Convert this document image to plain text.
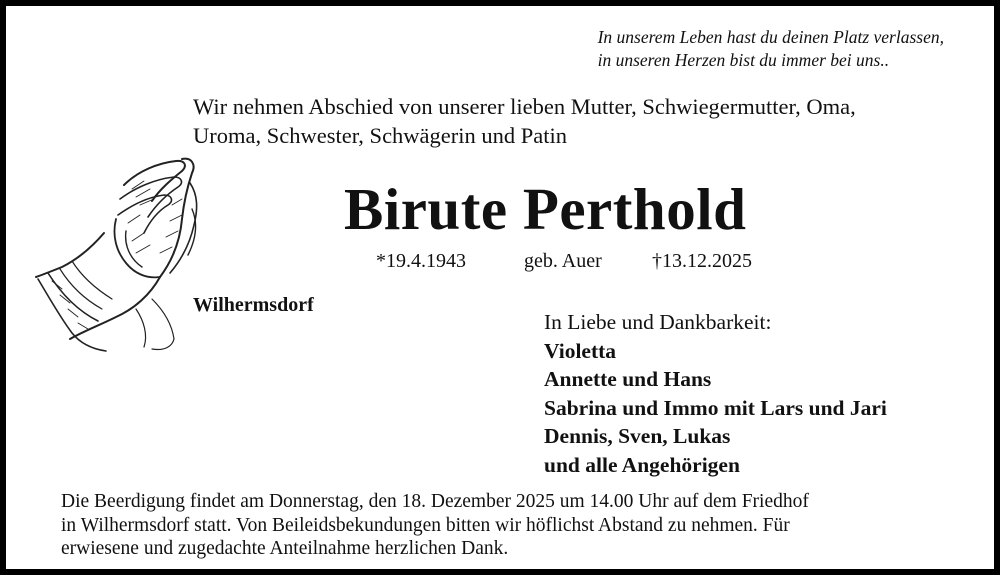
In unserem Leben hast du deinen Platz verlassen,
in unseren Herzen bist du immer bei uns..
Wir nehmen Abschied von unserer lieben Mutter, Schwiegermutter, Oma,
Uroma, Schwester, Schwägerin und Patin
Birute Perthold
*19.4.1943	geb. Auer	†13.12.2025
Wilhermsdorf
In Liebe und Dankbarkeit:
Violetta
Annette und Hans
Sabrina und Immo mit Lars und Jari
Dennis, Sven, Lukas
und alle Angehörigen
Die Beerdigung findet am Donnerstag, den 18. Dezember 2025 um 14.00 Uhr auf dem Friedhof
in Wilhermsdorf statt. Von Beileidsbekundungen bitten wir höflichst Abstand zu nehmen. Für
erwiesene und zugedachte Anteilnahme herzlichen Dank.
